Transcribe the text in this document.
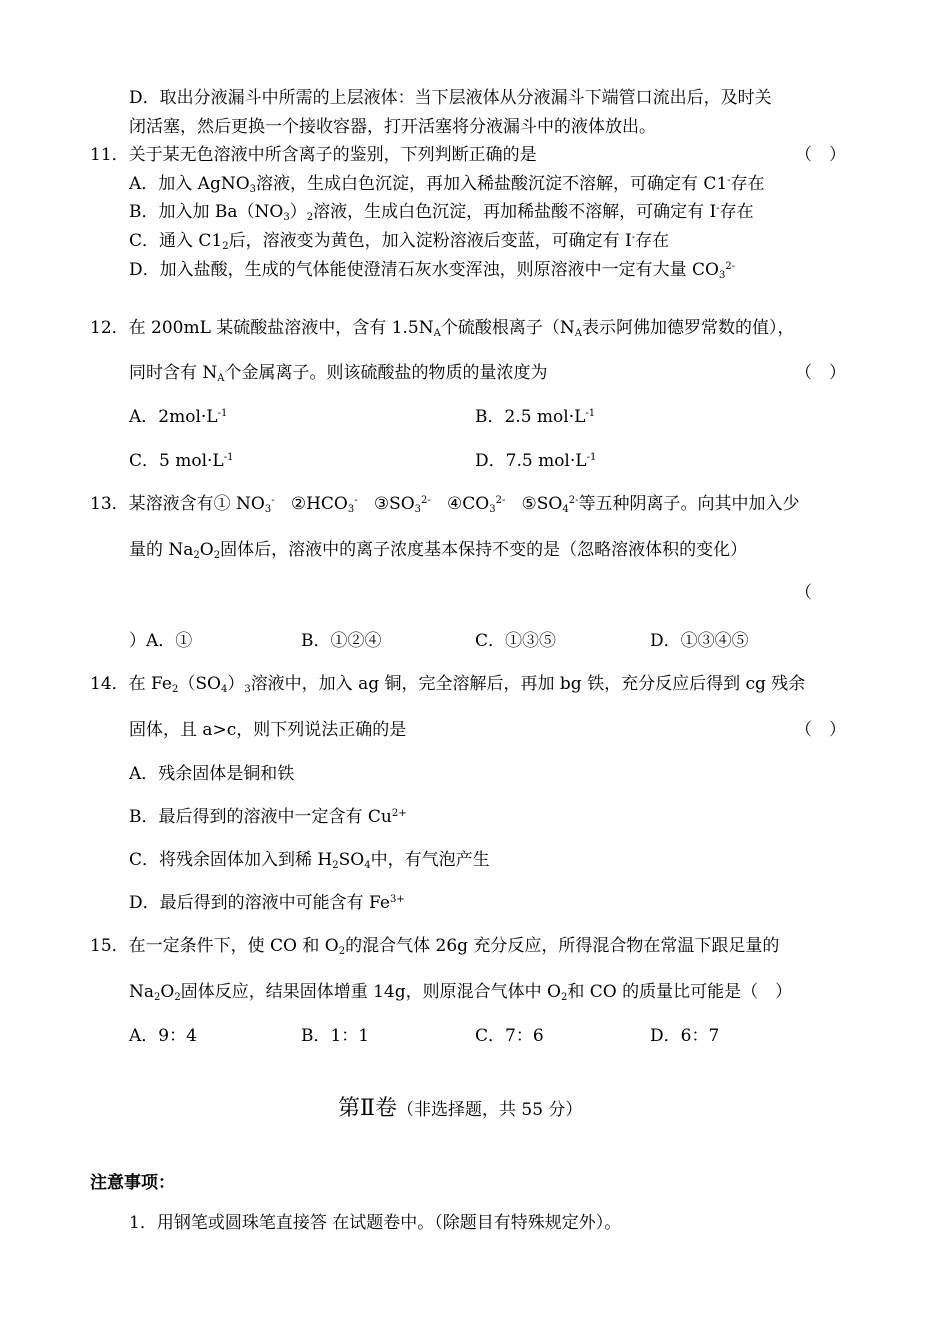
D．取出分液漏斗中所需的上层液体：当下层液体从分液漏斗下端管口流出后，及时关
闭活塞，然后更换一个接收容器，打开活塞将分液漏斗中的液体放出。
11．关于某无色溶液中所含离子的鉴别，下列判断正确的是	（　）
A．加入 AgNO$_3$溶液，生成白色沉淀，再加入稀盐酸沉淀不溶解，可确定有 C1-存在
B．加入加 $Ba(NO_3)_2$溶液，生成白色沉淀，再加稀盐酸不溶解，可确定有 I-存在
C．通入 $C1_2$后，溶液变为黄色，加入淀粉溶液后变蓝，可确定有 I-存在
D．加入盐酸，生成的气体能使澄清石灰水变浑浊，则原溶液中一定有大量 $CO_3^{2-}$
12．在 200mL 某硫酸盐溶液中，含有 $1.5N_A$个硫酸根离子（$N_A$表示阿佛加德罗常数的值），
同时含有 $N_A$个金属离子。则该硫酸盐的物质的量浓度为	（　）
A．$2mol\cdot L^{-1}$	B．2.5 $mol\cdot L^{-1}$
C．5 $mol\cdot L^{-1}$	D．7.5 $mol\cdot L^{-1}$
13．某溶液含有① $NO_3^-$ $②HCO_3^-$ $③SO_3^{2-}$ $④CO_3^{2-}$ $⑤SO_4^{2-}$等五种阴离子。向其中加入少
量的 $Na_2O_2$固体后，溶液中的离子浓度基本保持不变的是（忽略溶液体积的变化）
（
）A．①	B．①②④	C．①③⑤	D．①③④⑤
14．在 $Fe_2(SO_4)_3$溶液中，加入 ag 铜，完全溶解后，再加 bg 铁，充分反应后得到 cg 残余
固体，且 a>c，则下列说法正确的是	（　）
A．残余固体是铜和铁
B．最后得到的溶液中一定含有 $Cu^{2+}$
C．将残余固体加入到稀 $H_2SO_4$中，有气泡产生
D．最后得到的溶液中可能含有 $Fe^{3+}$
15．在一定条件下，使 CO 和 $O_2$的混合气体 26g 充分反应，所得混合物在常温下跟足量的
$Na_2O_2$固体反应，结果固体增重 14g，则原混合气体中 $O_2$和 CO 的质量比可能是（　）
A．9：4	B．1：1	C．7：6	D．6：7
第Ⅱ卷（非选择题，共 55 分）
注意事项：
1．用钢笔或圆珠笔直接答 在试题卷中。（除题目有特殊规定外）。
